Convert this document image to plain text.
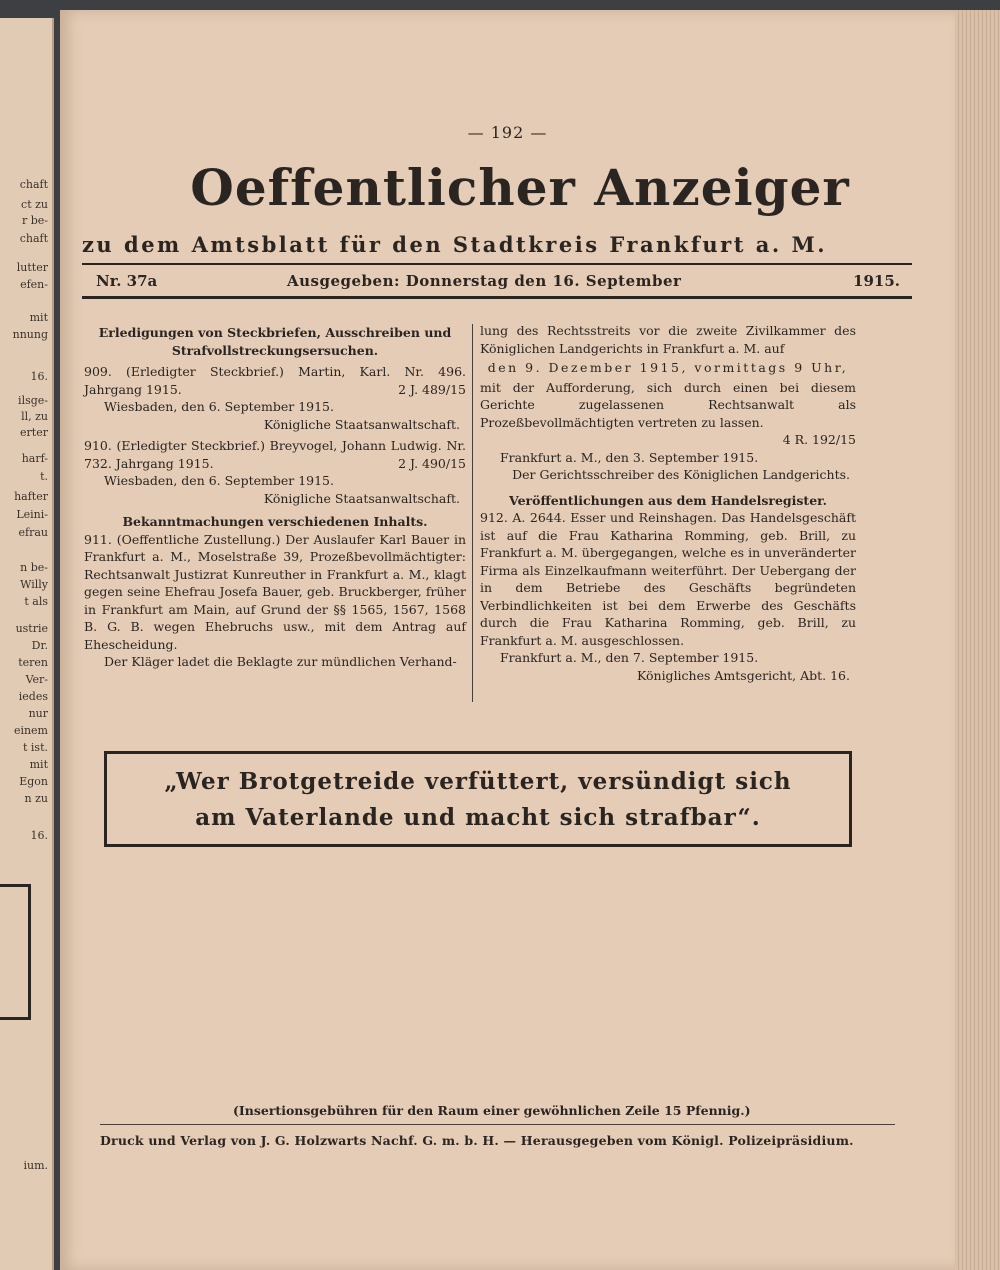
chaft
ct zu
r be-
chaft
lutter
efen-
mit
nnung
16.
ilsge-
ll, zu
erter
harf-
t.
hafter
Leini-
efrau
n be-
Willy
t als
ustrie
Dr.
teren
Ver-
iedes
nur
einem
t ist.
mit
Egon
n zu
16.
ium.
— 192 —
Oeffentlicher Anzeiger
zu dem Amtsblatt für den Stadtkreis Frankfurt a. M.
Nr. 37a	Ausgegeben: Donnerstag den 16. September	1915.

Erledigungen von Steckbriefen, Ausschreiben und Strafvollstreckungsersuchen.

909. (Erledigter Steckbrief.) Martin, Karl. Nr. 496. Jahrgang 1915.	2 J. 489/15

Wiesbaden, den 6. September 1915.

Königliche Staatsanwaltschaft.

910. (Erledigter Steckbrief.) Breyvogel, Johann Ludwig. Nr. 732. Jahrgang 1915.	2 J. 490/15

Wiesbaden, den 6. September 1915.

Königliche Staatsanwaltschaft.

Bekanntmachungen verschiedenen Inhalts.

911. (Oeffentliche Zustellung.) Der Auslaufer Karl Bauer in Frankfurt a. M., Moselstraße 39, Prozeßbevollmächtigter: Rechtsanwalt Justizrat Kunreuther in Frankfurt a. M., klagt gegen seine Ehefrau Josefa Bauer, geb. Bruckberger, früher in Frankfurt am Main, auf Grund der §§ 1565, 1567, 1568 B. G. B. wegen Ehebruchs usw., mit dem Antrag auf Ehescheidung.

Der Kläger ladet die Beklagte zur mündlichen Verhand-

lung des Rechtsstreits vor die zweite Zivilkammer des Königlichen Landgerichts in Frankfurt a. M. auf

den 9. Dezember 1915, vormittags 9 Uhr,

mit der Aufforderung, sich durch einen bei diesem Gerichte zugelassenen Rechtsanwalt als Prozeßbevollmächtigten vertreten zu lassen.

4 R. 192/15

Frankfurt a. M., den 3. September 1915.

Der Gerichtsschreiber des Königlichen Landgerichts.

Veröffentlichungen aus dem Handelsregister.

912. A. 2644. Esser und Reinshagen. Das Handelsgeschäft ist auf die Frau Katharina Romming, geb. Brill, zu Frankfurt a. M. übergegangen, welche es in unveränderter Firma als Einzelkaufmann weiterführt. Der Uebergang der in dem Betriebe des Geschäfts begründeten Verbindlichkeiten ist bei dem Erwerbe des Geschäfts durch die Frau Katharina Romming, geb. Brill, zu Frankfurt a. M. ausgeschlossen.

Frankfurt a. M., den 7. September 1915.

Königliches Amtsgericht, Abt. 16.

„Wer Brotgetreide verfüttert, versündigt sich
am Vaterlande und macht sich strafbar“.
(Insertionsgebühren für den Raum einer gewöhnlichen Zeile 15 Pfennig.)
Druck und Verlag von J. G. Holzwarts Nachf. G. m. b. H. — Herausgegeben vom Königl. Polizeipräsidium.
